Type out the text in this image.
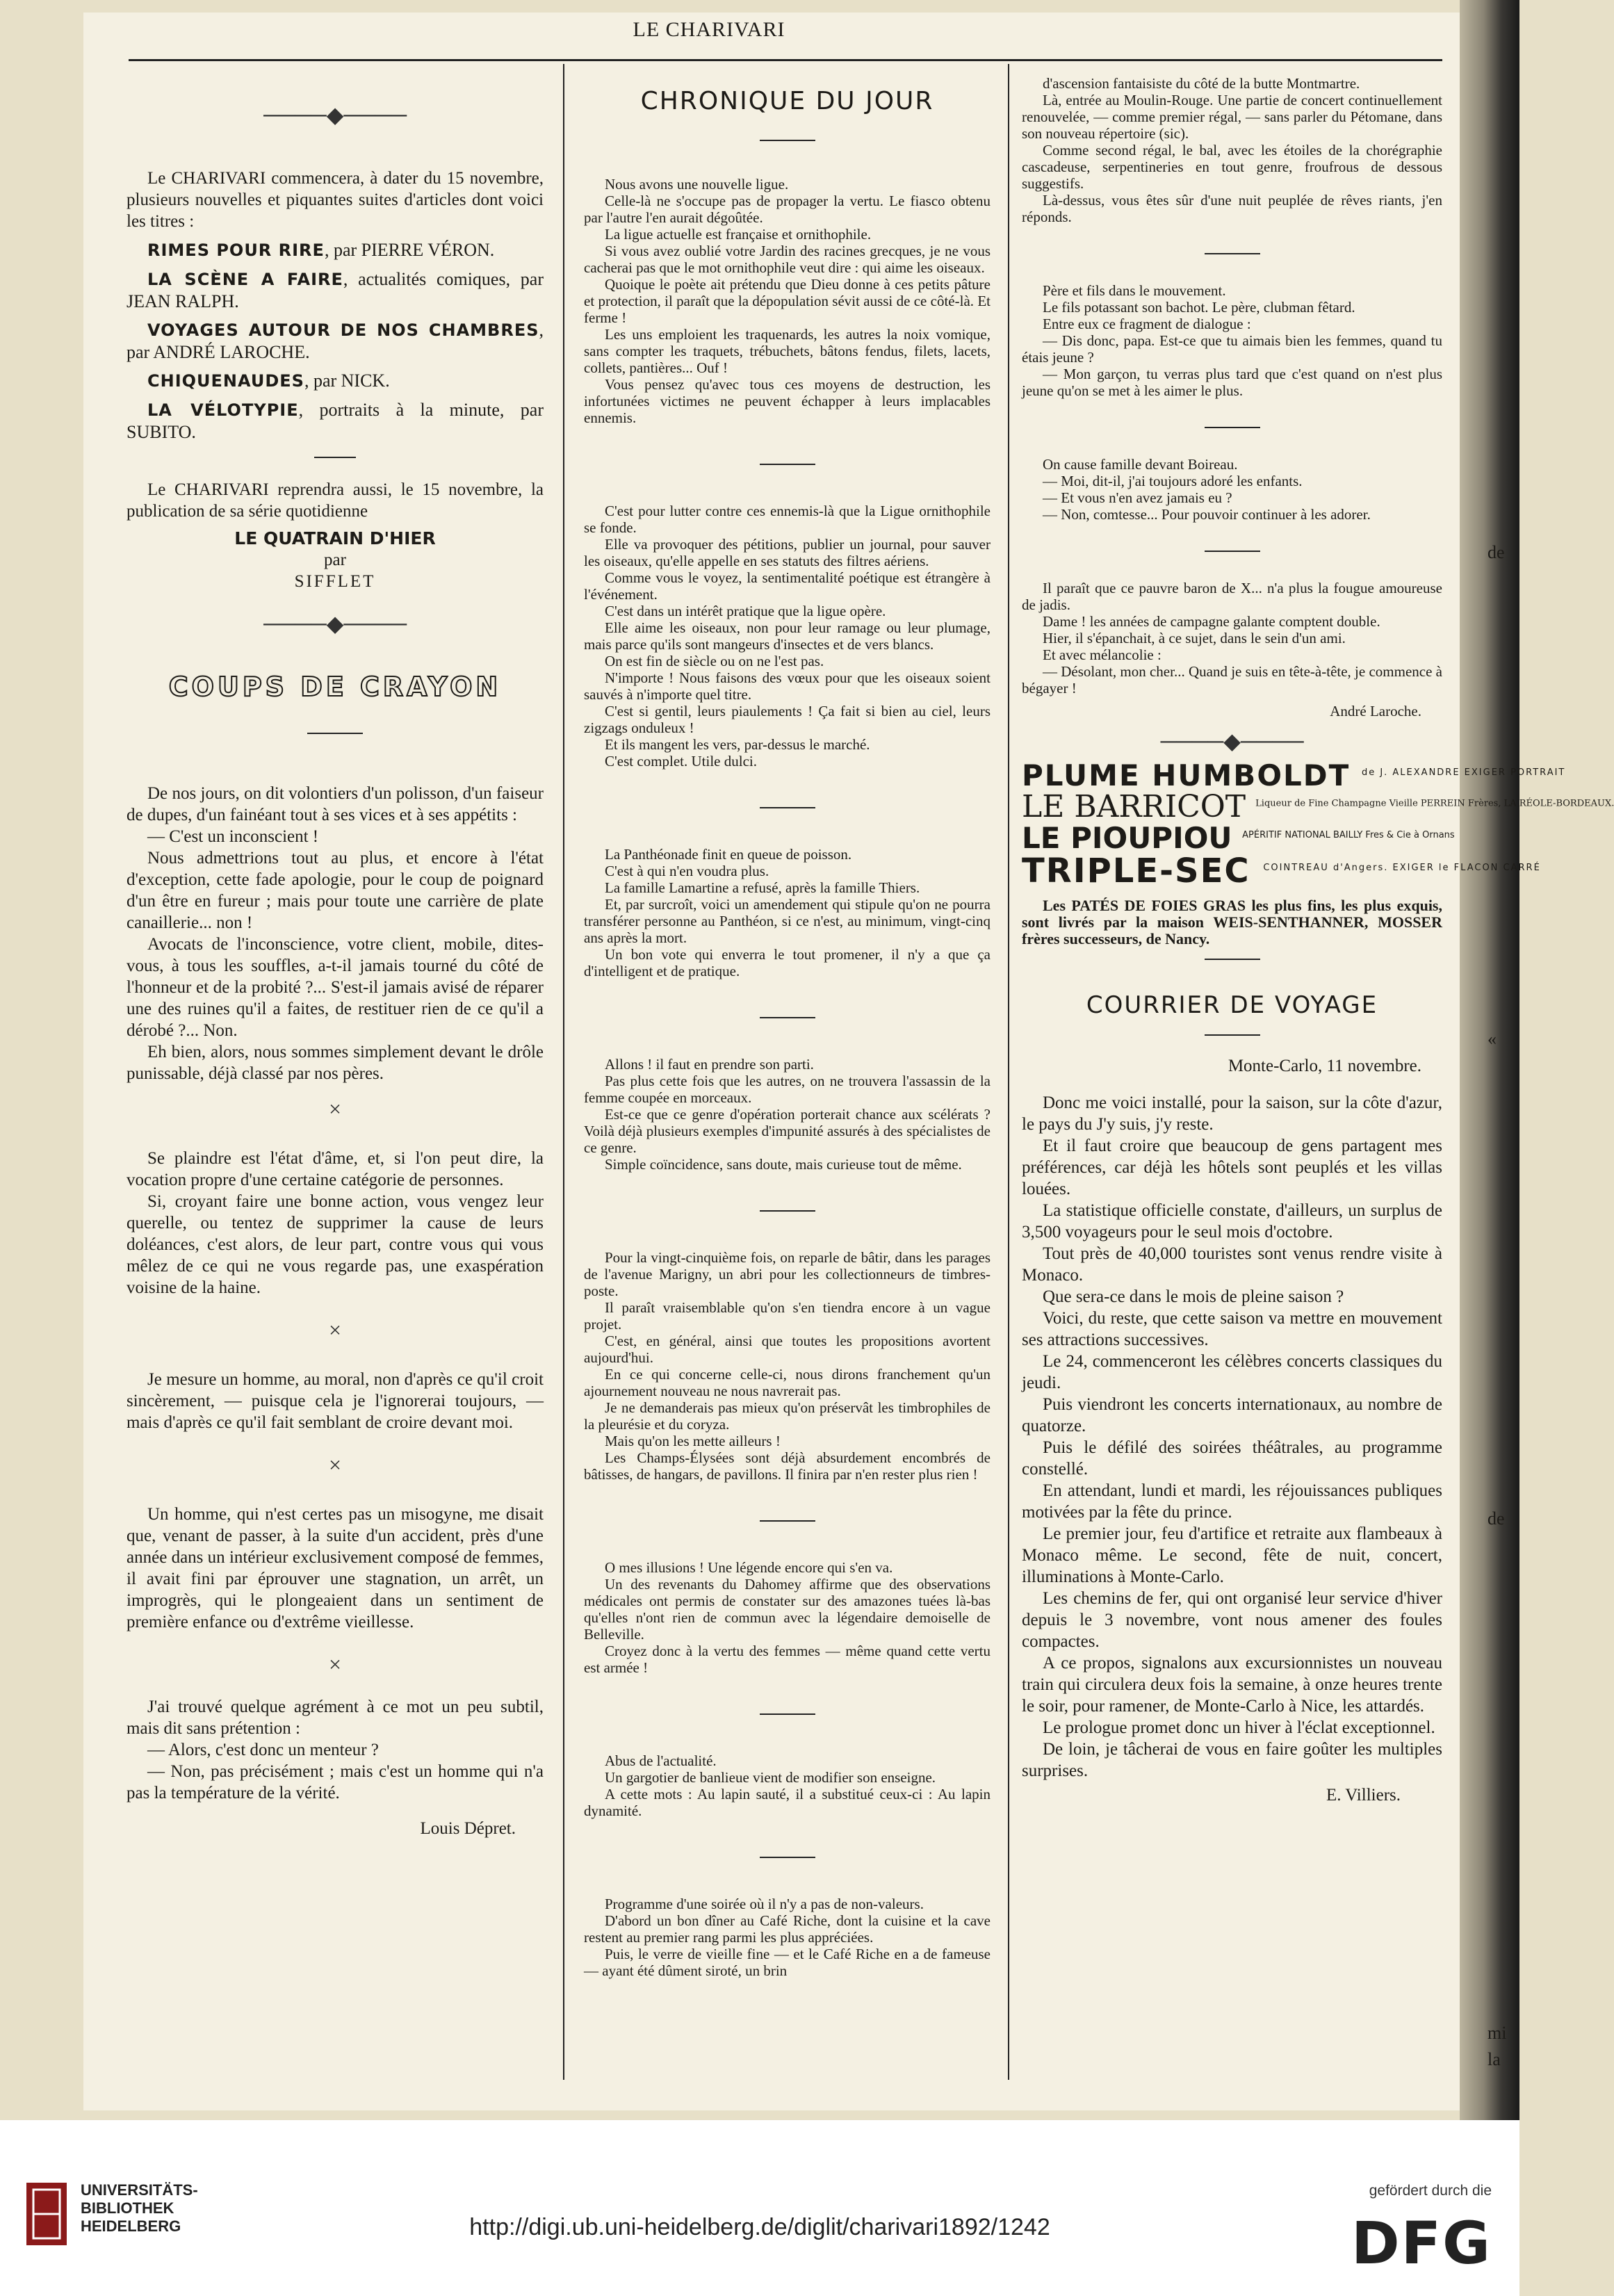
LE CHARIVARI
────◆────

Le CHARIVARI commencera, à dater du 15 novembre, plusieurs nouvelles et piquantes suites d'articles dont voici les titres :

RIMES POUR RIRE, par PIERRE VÉRON.

LA SCÈNE A FAIRE, actualités comiques, par JEAN RALPH.

VOYAGES AUTOUR DE NOS CHAMBRES, par ANDRÉ LAROCHE.

CHIQUENAUDES, par NICK.

LA VÉLOTYPIE, portraits à la minute, par SUBITO.

Le CHARIVARI reprendra aussi, le 15 novembre, la publication de sa série quotidienne

LE QUATRAIN D'HIER
par
SIFFLET
────◆────
COUPS DE CRAYON

De nos jours, on dit volontiers d'un polisson, d'un faiseur de dupes, d'un fainéant tout à ses vices et à ses appétits :

— C'est un inconscient !

Nous admettrions tout au plus, et encore à l'état d'exception, cette fade apologie, pour le coup de poignard d'un être en fureur ; mais pour toute une carrière de plate canaillerie... non !

Avocats de l'inconscience, votre client, mobile, dites-vous, à tous les souffles, a-t-il jamais tourné du côté de l'honneur et de la probité ?... S'est-il jamais avisé de réparer une des ruines qu'il a faites, de restituer rien de ce qu'il a dérobé ?... Non.

Eh bien, alors, nous sommes simplement devant le drôle punissable, déjà classé par nos pères.

×

Se plaindre est l'état d'âme, et, si l'on peut dire, la vocation propre d'une certaine catégorie de personnes.

Si, croyant faire une bonne action, vous vengez leur querelle, ou tentez de supprimer la cause de leurs doléances, c'est alors, de leur part, contre vous qui vous mêlez de ce qui ne vous regarde pas, une exaspération voisine de la haine.

×

Je mesure un homme, au moral, non d'après ce qu'il croit sincèrement, — puisque cela je l'ignorerai toujours, — mais d'après ce qu'il fait semblant de croire devant moi.

×

Un homme, qui n'est certes pas un misogyne, me disait que, venant de passer, à la suite d'un accident, près d'une année dans un intérieur exclusivement composé de femmes, il avait fini par éprouver une stagnation, un arrêt, un improgrès, qui le plongeaient dans un sentiment de première enfance ou d'extrême vieillesse.

×

J'ai trouvé quelque agrément à ce mot un peu subtil, mais dit sans prétention :

— Alors, c'est donc un menteur ?

— Non, pas précisément ; mais c'est un homme qui n'a pas la température de la vérité.

Louis Dépret.
CHRONIQUE DU JOUR

Nous avons une nouvelle ligue.

Celle-là ne s'occupe pas de propager la vertu. Le fiasco obtenu par l'autre l'en aurait dégoûtée.

La ligue actuelle est française et ornithophile.

Si vous avez oublié votre Jardin des racines grecques, je ne vous cacherai pas que le mot ornithophile veut dire : qui aime les oiseaux.

Quoique le poète ait prétendu que Dieu donne à ces petits pâture et protection, il paraît que la dépopulation sévit aussi de ce côté-là. Et ferme !

Les uns emploient les traquenards, les autres la noix vomique, sans compter les traquets, trébuchets, bâtons fendus, filets, lacets, collets, pantières... Ouf !

Vous pensez qu'avec tous ces moyens de destruction, les infortunées victimes ne peuvent échapper à leurs implacables ennemis.

C'est pour lutter contre ces ennemis-là que la Ligue ornithophile se fonde.

Elle va provoquer des pétitions, publier un journal, pour sauver les oiseaux, qu'elle appelle en ses statuts des filtres aériens.

Comme vous le voyez, la sentimentalité poétique est étrangère à l'événement.

C'est dans un intérêt pratique que la ligue opère.

Elle aime les oiseaux, non pour leur ramage ou leur plumage, mais parce qu'ils sont mangeurs d'insectes et de vers blancs.

On est fin de siècle ou on ne l'est pas.

N'importe ! Nous faisons des vœux pour que les oiseaux soient sauvés à n'importe quel titre.

C'est si gentil, leurs piaulements ! Ça fait si bien au ciel, leurs zigzags onduleux !

Et ils mangent les vers, par-dessus le marché.

C'est complet. Utile dulci.

La Panthéonade finit en queue de poisson.

C'est à qui n'en voudra plus.

La famille Lamartine a refusé, après la famille Thiers.

Et, par surcroît, voici un amendement qui stipule qu'on ne pourra transférer personne au Panthéon, si ce n'est, au minimum, vingt-cinq ans après la mort.

Un bon vote qui enverra le tout promener, il n'y a que ça d'intelligent et de pratique.

Allons ! il faut en prendre son parti.

Pas plus cette fois que les autres, on ne trouvera l'assassin de la femme coupée en morceaux.

Est-ce que ce genre d'opération porterait chance aux scélérats ? Voilà déjà plusieurs exemples d'impunité assurés à des spécialistes de ce genre.

Simple coïncidence, sans doute, mais curieuse tout de même.

Pour la vingt-cinquième fois, on reparle de bâtir, dans les parages de l'avenue Marigny, un abri pour les collectionneurs de timbres-poste.

Il paraît vraisemblable qu'on s'en tiendra encore à un vague projet.

C'est, en général, ainsi que toutes les propositions avortent aujourd'hui.

En ce qui concerne celle-ci, nous dirons franchement qu'un ajournement nouveau ne nous navrerait pas.

Je ne demanderais pas mieux qu'on préservât les timbrophiles de la pleurésie et du coryza.

Mais qu'on les mette ailleurs !

Les Champs-Élysées sont déjà absurdement encombrés de bâtisses, de hangars, de pavillons. Il finira par n'en rester plus rien !

O mes illusions ! Une légende encore qui s'en va.

Un des revenants du Dahomey affirme que des observations médicales ont permis de constater sur des amazones tuées là-bas qu'elles n'ont rien de commun avec la légendaire demoiselle de Belleville.

Croyez donc à la vertu des femmes — même quand cette vertu est armée !

Abus de l'actualité.

Un gargotier de banlieue vient de modifier son enseigne.

A cette mots : Au lapin sauté, il a substitué ceux-ci : Au lapin dynamité.

Programme d'une soirée où il n'y a pas de non-valeurs.

D'abord un bon dîner au Café Riche, dont la cuisine et la cave restent au premier rang parmi les plus appréciées.

Puis, le verre de vieille fine — et le Café Riche en a de fameuse — ayant été dûment siroté, un brin

d'ascension fantaisiste du côté de la butte Montmartre.

Là, entrée au Moulin-Rouge. Une partie de concert continuellement renouvelée, — comme premier régal, — sans parler du Pétomane, dans son nouveau répertoire (sic).

Comme second régal, le bal, avec les étoiles de la chorégraphie cascadeuse, serpentineries en tout genre, froufrous de dessous suggestifs.

Là-dessus, vous êtes sûr d'une nuit peuplée de rêves riants, j'en réponds.

Père et fils dans le mouvement.

Le fils potassant son bachot. Le père, clubman fêtard.

Entre eux ce fragment de dialogue :

— Dis donc, papa. Est-ce que tu aimais bien les femmes, quand tu étais jeune ?

— Mon garçon, tu verras plus tard que c'est quand on n'est plus jeune qu'on se met à les aimer le plus.

On cause famille devant Boireau.

— Moi, dit-il, j'ai toujours adoré les enfants.

— Et vous n'en avez jamais eu ?

— Non, comtesse... Pour pouvoir continuer à les adorer.

Il paraît que ce pauvre baron de X... n'a plus la fougue amoureuse de jadis.

Dame ! les années de campagne galante comptent double.

Hier, il s'épanchait, à ce sujet, dans le sein d'un ami.

Et avec mélancolie :

— Désolant, mon cher... Quand je suis en tête-à-tête, je commence à bégayer !

André Laroche.
────◆────
PLUME HUMBOLDT $^{de J. ALEXANDRE EXIGER PORTRAIT}$
LE BARRICOT $^{Liqueur de Fine Champagne Vieille PERREIN Frères, LA RÉOLE-BORDEAUX.}$
LE PIOUPIOU $^{APÉRITIF NATIONAL BAILLY Fres \& Cie à Ornans}$
TRIPLE-SEC $^{COINTREAU d'Angers. EXIGER le FLACON CARRÉ}$

Les PATÉS DE FOIES GRAS les plus fins, les plus exquis, sont livrés par la maison WEIS-SENTHANNER, MOSSER frères successeurs, de Nancy.

COURRIER DE VOYAGE
Monte-Carlo, 11 novembre.

Donc me voici installé, pour la saison, sur la côte d'azur, le pays du J'y suis, j'y reste.

Et il faut croire que beaucoup de gens partagent mes préférences, car déjà les hôtels sont peuplés et les villas louées.

La statistique officielle constate, d'ailleurs, un surplus de 3,500 voyageurs pour le seul mois d'octobre.

Tout près de 40,000 touristes sont venus rendre visite à Monaco.

Que sera-ce dans le mois de pleine saison ?

Voici, du reste, que cette saison va mettre en mouvement ses attractions successives.

Le 24, commenceront les célèbres concerts classiques du jeudi.

Puis viendront les concerts internationaux, au nombre de quatorze.

Puis le défilé des soirées théâtrales, au programme constellé.

En attendant, lundi et mardi, les réjouissances publiques motivées par la fête du prince.

Le premier jour, feu d'artifice et retraite aux flambeaux à Monaco même. Le second, fête de nuit, concert, illuminations à Monte-Carlo.

Les chemins de fer, qui ont organisé leur service d'hiver depuis le 3 novembre, vont nous amener des foules compactes.

A ce propos, signalons aux excursionnistes un nouveau train qui circulera deux fois la semaine, à onze heures trente le soir, pour ramener, de Monte-Carlo à Nice, les attardés.

Le prologue promet donc un hiver à l'éclat exceptionnel.

De loin, je tâcherai de vous en faire goûter les multiples surprises.

E. Villiers.
de
«
de
mi
la
UNIVERSITÄTS-
BIBLIOTHEK
HEIDELBERG	http://digi.ub.uni-heidelberg.de/diglit/charivari1892/1242
gefördert durch die
DFG
